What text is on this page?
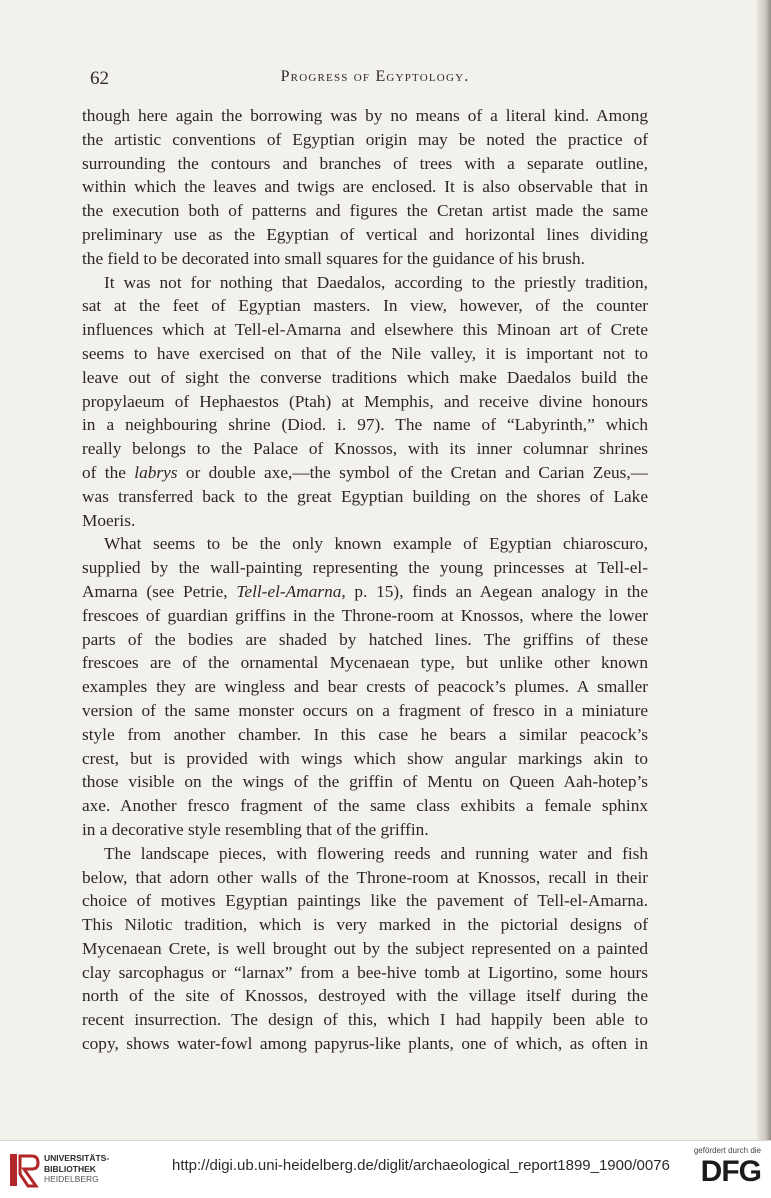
62	Progress of Egyptology.
though here again the borrowing was by no means of a literal kind. Among
the artistic conventions of Egyptian origin may be noted the practice of
surrounding the contours and branches of trees with a separate outline,
within which the leaves and twigs are enclosed. It is also observable that in
the execution both of patterns and figures the Cretan artist made the same
preliminary use as the Egyptian of vertical and horizontal lines dividing
the field to be decorated into small squares for the guidance of his brush.
It was not for nothing that Daedalos, according to the priestly tradition,
sat at the feet of Egyptian masters. In view, however, of the counter
influences which at Tell-el-Amarna and elsewhere this Minoan art of Crete
seems to have exercised on that of the Nile valley, it is important not to
leave out of sight the converse traditions which make Daedalos build the
propylaeum of Hephaestos (Ptah) at Memphis, and receive divine honours
in a neighbouring shrine (Diod. i. 97). The name of “Labyrinth,” which
really belongs to the Palace of Knossos, with its inner columnar shrines
of the labrys or double axe,—the symbol of the Cretan and Carian Zeus,—
was transferred back to the great Egyptian building on the shores of Lake
Moeris.
What seems to be the only known example of Egyptian chiaroscuro,
supplied by the wall-painting representing the young princesses at Tell-el-
Amarna (see Petrie, Tell-el-Amarna, p. 15), finds an Aegean analogy in the
frescoes of guardian griffins in the Throne-room at Knossos, where the lower
parts of the bodies are shaded by hatched lines. The griffins of these
frescoes are of the ornamental Mycenaean type, but unlike other known
examples they are wingless and bear crests of peacock’s plumes. A smaller
version of the same monster occurs on a fragment of fresco in a miniature
style from another chamber. In this case he bears a similar peacock’s
crest, but is provided with wings which show angular markings akin to
those visible on the wings of the griffin of Mentu on Queen Aah-hotep’s
axe. Another fresco fragment of the same class exhibits a female sphinx
in a decorative style resembling that of the griffin.
The landscape pieces, with flowering reeds and running water and fish
below, that adorn other walls of the Throne-room at Knossos, recall in their
choice of motives Egyptian paintings like the pavement of Tell-el-Amarna.
This Nilotic tradition, which is very marked in the pictorial designs of
Mycenaean Crete, is well brought out by the subject represented on a painted
clay sarcophagus or “larnax” from a bee-hive tomb at Ligortino, some hours
north of the site of Knossos, destroyed with the village itself during the
recent insurrection. The design of this, which I had happily been able to
copy, shows water-fowl among papyrus-like plants, one of which, as often in
UNIVERSITÄTS-
BIBLIOTHEK
HEIDELBERG
http://digi.ub.uni-heidelberg.de/diglit/archaeological_report1899_1900/0076
gefördert durch die
DFG
